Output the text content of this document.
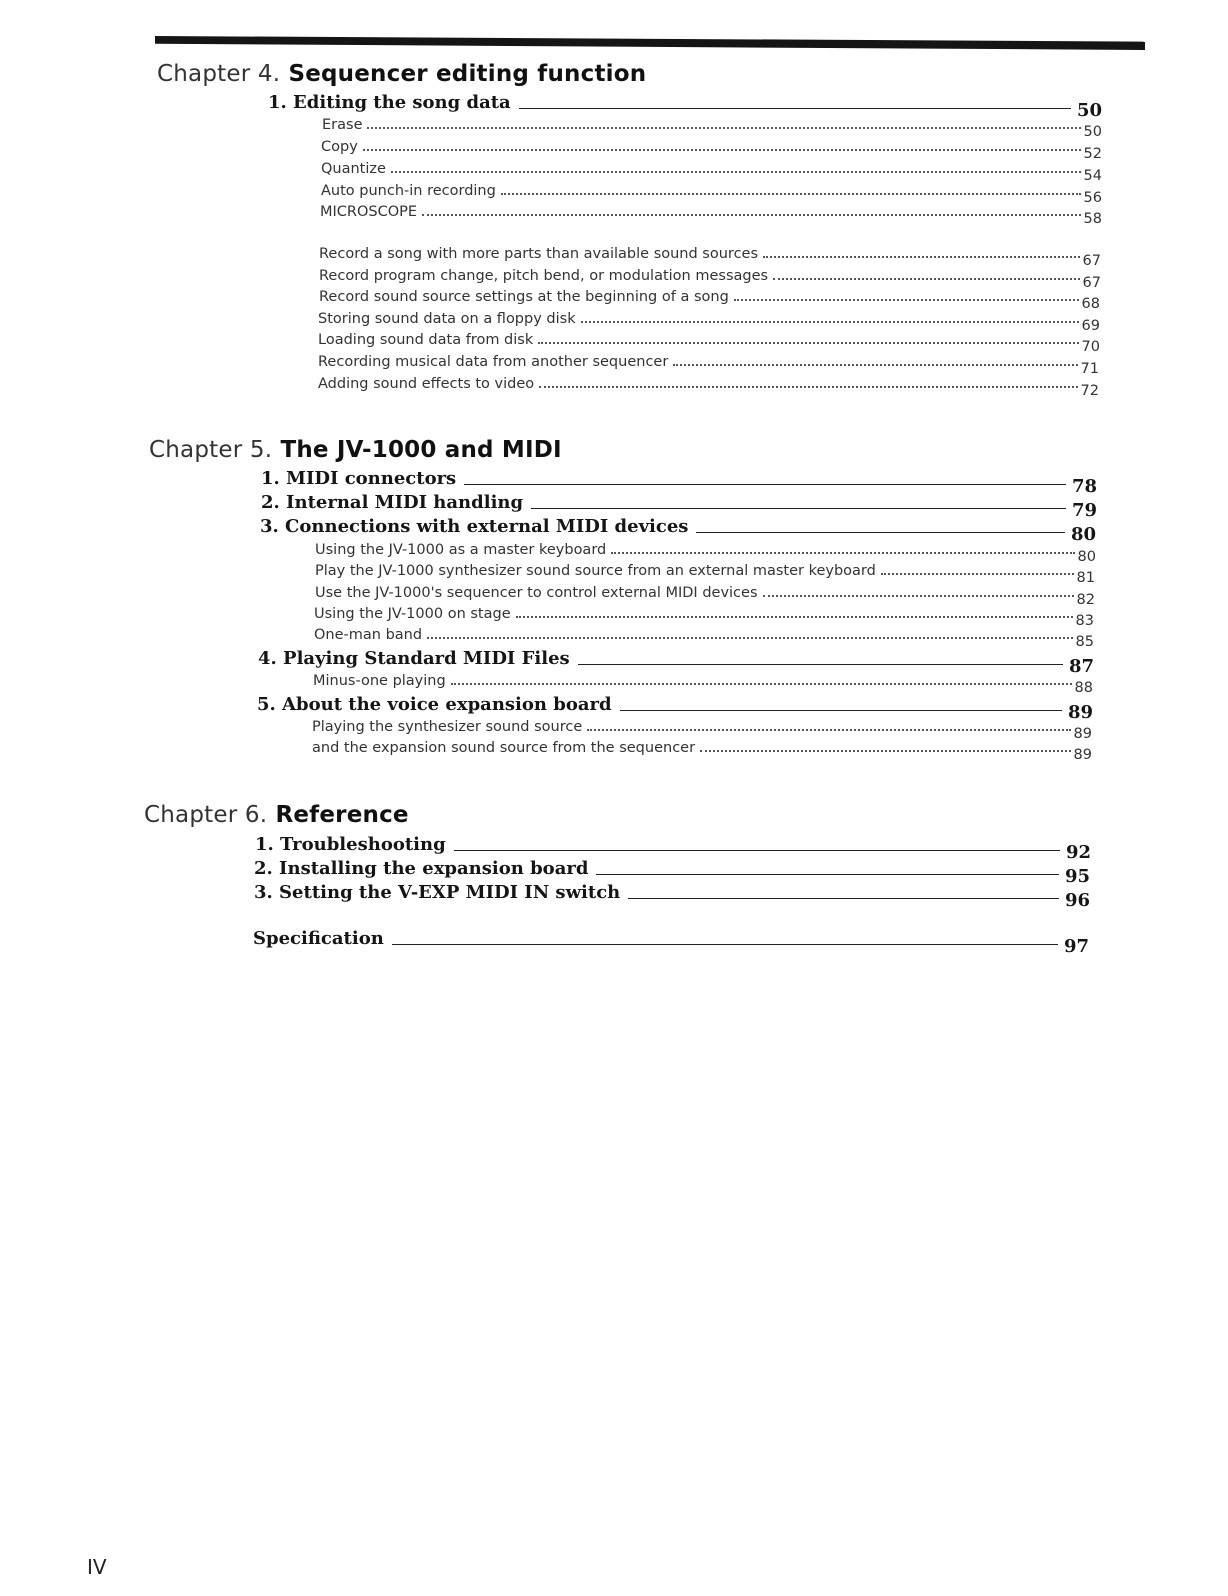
Chapter 4. Sequencer editing function
1. Editing the song data	50
Erase	50
Copy	52
Quantize	54
Auto punch-in recording	56
MICROSCOPE	58
Record a song with more parts than available sound sources	67
Record program change, pitch bend, or modulation messages	67
Record sound source settings at the beginning of a song	68
Storing sound data on a floppy disk	69
Loading sound data from disk	70
Recording musical data from another sequencer	71
Adding sound effects to video	72
Chapter 5. The JV-1000 and MIDI
1. MIDI connectors	78
2. Internal MIDI handling	79
3. Connections with external MIDI devices	80
Using the JV-1000 as a master keyboard	80
Play the JV-1000 synthesizer sound source from an external master keyboard	81
Use the JV-1000's sequencer to control external MIDI devices	82
Using the JV-1000 on stage	83
One-man band	85
4. Playing Standard MIDI Files	87
Minus-one playing	88
5. About the voice expansion board	89
Playing the synthesizer sound source	89
and the expansion sound source from the sequencer	89
Chapter 6. Reference
1. Troubleshooting	92
2. Installing the expansion board	95
3. Setting the V-EXP MIDI IN switch	96
Specification	97
IV
